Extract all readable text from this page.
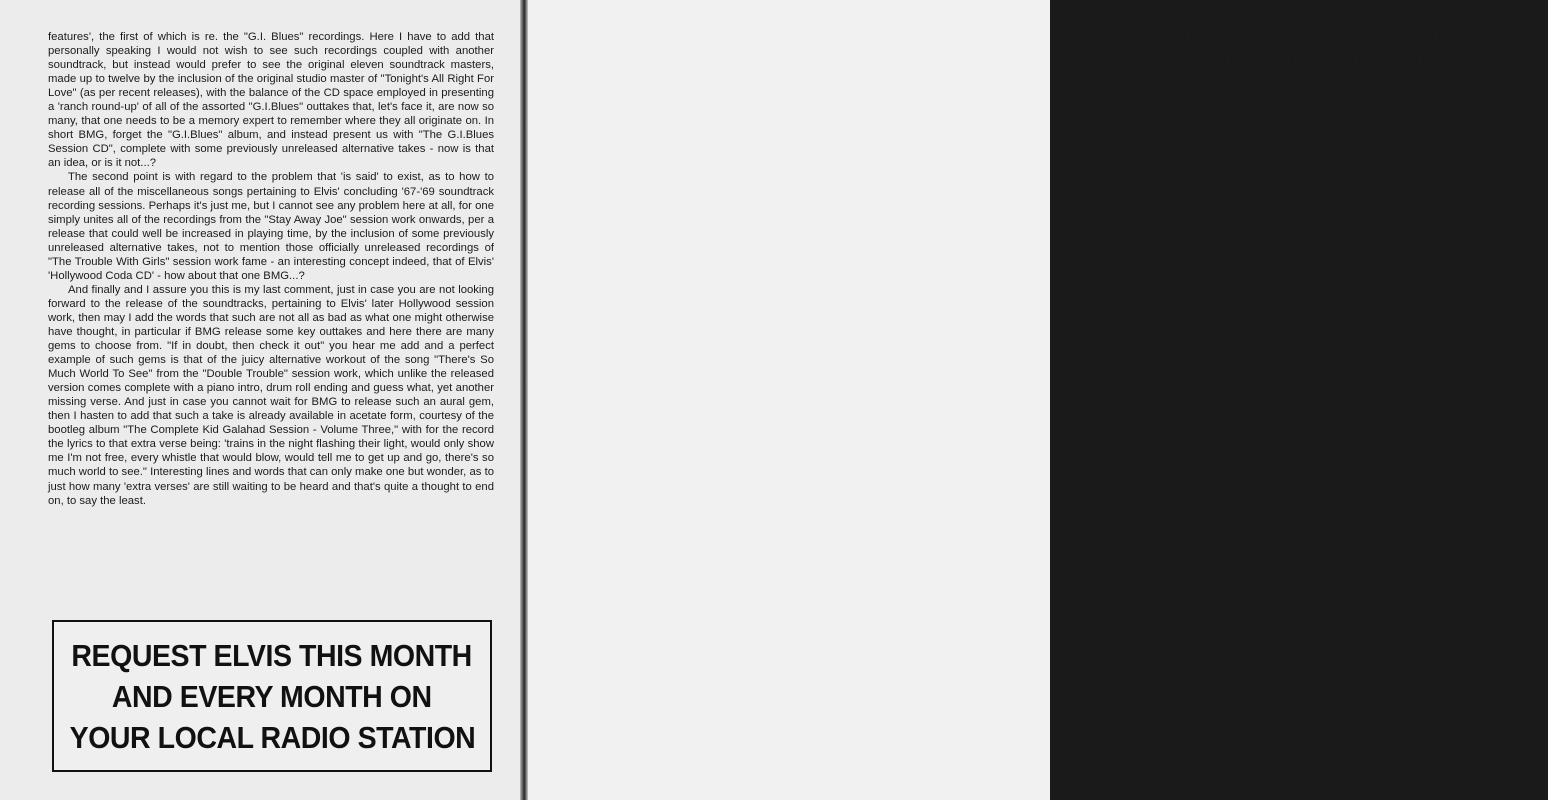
features', the first of which is re. the "G.I. Blues" recordings. Here I have to add that personally speaking I would not wish to see such recordings coupled with another soundtrack, but instead would prefer to see the original eleven soundtrack masters, made up to twelve by the inclusion of the original studio master of "Tonight's All Right For Love" (as per recent releases), with the balance of the CD space employed in presenting a 'ranch round-up' of all of the assorted "G.I.Blues" outtakes that, let's face it, are now so many, that one needs to be a memory expert to remember where they all originate on. In short BMG, forget the "G.I.Blues" album, and instead present us with "The G.I.Blues Session CD", complete with some previously unreleased alternative takes - now is that an idea, or is it not...?

The second point is with regard to the problem that 'is said' to exist, as to how to release all of the miscellaneous songs pertaining to Elvis' concluding '67-'69 soundtrack recording sessions. Perhaps it's just me, but I cannot see any problem here at all, for one simply unites all of the recordings from the "Stay Away Joe" session work onwards, per a release that could well be increased in playing time, by the inclusion of some previously unreleased alternative takes, not to mention those officially unreleased recordings of "The Trouble With Girls" session work fame - an interesting concept indeed, that of Elvis' 'Hollywood Coda CD' - how about that one BMG...?

And finally and I assure you this is my last comment, just in case you are not looking forward to the release of the soundtracks, pertaining to Elvis' later Hollywood session work, then may I add the words that such are not all as bad as what one might otherwise have thought, in particular if BMG release some key outtakes and here there are many gems to choose from. "If in doubt, then check it out" you hear me add and a perfect example of such gems is that of the juicy alternative workout of the song "There's So Much World To See" from the "Double Trouble" session work, which unlike the released version comes complete with a piano intro, drum roll ending and guess what, yet another missing verse. And just in case you cannot wait for BMG to release such an aural gem, then I hasten to add that such a take is already available in acetate form, courtesy of the bootleg album "The Complete Kid Galahad Session - Volume Three," with for the record the lyrics to that extra verse being: 'trains in the night flashing their light, would only show me I'm not free, every whistle that would blow, would tell me to get up and go, there's so much world to see." Interesting lines and words that can only make one but wonder, as to just how many 'extra verses' are still waiting to be heard and that's quite a thought to end on, to say the least.

REQUEST ELVIS THIS MONTH
AND EVERY MONTH ON
YOUR LOCAL RADIO STATION
LISTLESS PERFORMANCE
OR THE MASTER TOUCH
by Geoffrey Mc Donnell, Australia.

Much has been said about Elvis' performances over the years and there's no doubt that he performed differently at times and as well as vocal variations, different versions of songs from studio versions occurred 'live'. An example being the many 'live' versions of "The First Time Ever I Saw Your Face", complete with all the verses, including the 'missing' verse three, as heard at the Las Vegas 25.8.73 M/S. This was detailed in FULL in "Words and Music Part 20" by genius Brian Farmer. "Are You Lonesome Tonight" has many versions, one such variation being the Roanoke 11.4.72 version which, as well as having the famous BALD HEAD line, also has the 'spoken' middle part missed out completely.

Elvis has taken much criticism over the years for these 'variations', where people seem to get upset when anything short of the complete version is heard - this is ridiculous as most other artists do this as well, particularly when performing MEDLEY's. What's wrong with a 'casual' "Return To Sender", as performed at the Lake Tahoe closing 9.5.76 show? This song is lighthearted anyway and hardly justifies serious studio type versions, surely in its proper context it was a good song fitting the situation in the "Girls! Girls! Girls!" film and always a FUN song. Again, "Help Me Make It Through The Night" was sung a bit weakly at the Las Vegas 6.12.76 show - but this is surely what the song demands - NOT the spoilt 'beefed' up version released as the chosen 'cut' on the album or the strong version sometimes heard from Elvis at some of his shows.

Elvis has received particular 'knocks' for some of his walking through songs in 1973 performances, however this doesn't always ruin the performance as it's all the performers interpretation of the song and then our opinion of it when heard. YES! at times I'm sure you know Elvis did sing "You Don't Have To Say You Love Me" sounding like the insipid Robert Goulet!! A singer who seemed to rely on his early youthful good looks much more than his interest in performing. Therefore I feel Elvis is guilty in say the last two weeks of the Jan/Feb Las Vegas engagement, of walking through this song, i.e. the 22.2.73 M/S, or earlier in the third week of the, mostly excellent, summer 1972 engagement, i.e. the 21.8.72 M/S. However I think that a couple of songs DEMAND a listless performance to make them work!

The best example of this is "I'm Leaving" and probably one of the highlights during the lackluster 1.7.73 Nashville A/S. At first, as I started listening to Elvis' performance of "What Now My Love", in his Uniondale 22.6.73 show, I was very disappointed as Elvis sounds totally uninterested in the song, only to find with the dramatic ending that HERE, in Uniondale, Elvis really meant it, he really, as the song says, was asking in his committed ending: "What Now My Love?"

Lastly, but certainly not least, is his very interesting 'off the cuff' request, a shortened version of "It's A Matter Of Time," performed after a gentleman's request during the great 25.8.73 M/S. Elvis clearly sometimes used unusual techniques as, during the song, he sighs/groans emphasising the sorrowful feeling created by the song. Surely The Masters Touch! "Early Morning Rain" whether in the studio, in March '71, or 'live' later, surely to create the feeling needs a LISTLESS PERFORMANCE!
